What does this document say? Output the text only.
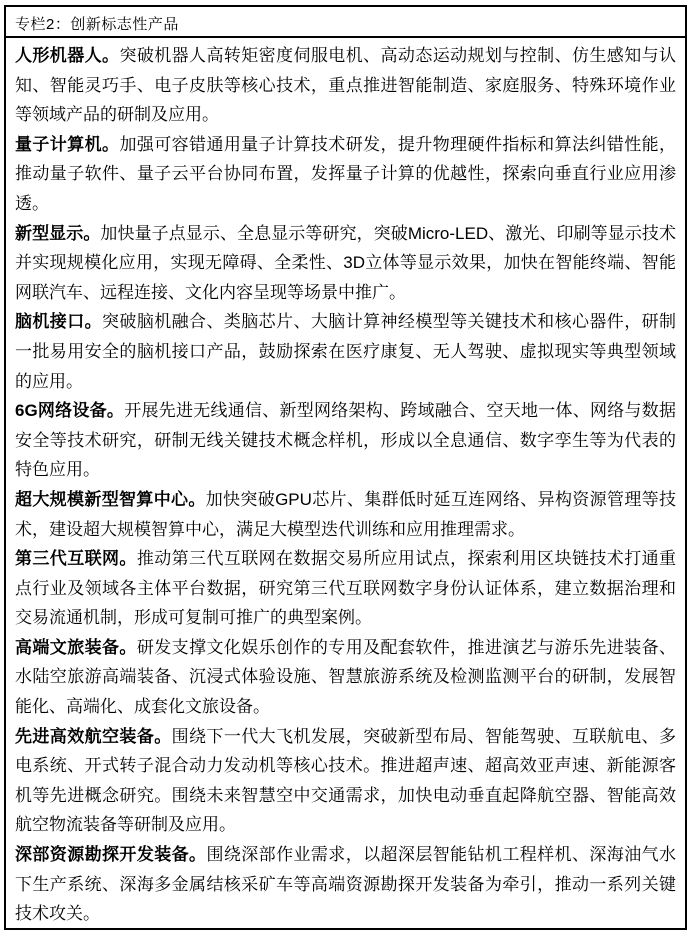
专栏2：创新标志性产品

人形机器人。突破机器人高转矩密度伺服电机、高动态运动规划与控制、仿生感知与认知、智能灵巧手、电子皮肤等核心技术，重点推进智能制造、家庭服务、特殊环境作业等领域产品的研制及应用。

量子计算机。加强可容错通用量子计算技术研发，提升物理硬件指标和算法纠错性能，推动量子软件、量子云平台协同布置，发挥量子计算的优越性，探索向垂直行业应用渗透。

新型显示。加快量子点显示、全息显示等研究，突破Micro-LED、激光、印刷等显示技术并实现规模化应用，实现无障碍、全柔性、3D立体等显示效果，加快在智能终端、智能网联汽车、远程连接、文化内容呈现等场景中推广。

脑机接口。突破脑机融合、类脑芯片、大脑计算神经模型等关键技术和核心器件，研制一批易用安全的脑机接口产品，鼓励探索在医疗康复、无人驾驶、虚拟现实等典型领域的应用。

6G网络设备。开展先进无线通信、新型网络架构、跨域融合、空天地一体、网络与数据安全等技术研究，研制无线关键技术概念样机，形成以全息通信、数字孪生等为代表的特色应用。

超大规模新型智算中心。加快突破GPU芯片、集群低时延互连网络、异构资源管理等技术，建设超大规模智算中心，满足大模型迭代训练和应用推理需求。

第三代互联网。推动第三代互联网在数据交易所应用试点，探索利用区块链技术打通重点行业及领域各主体平台数据，研究第三代互联网数字身份认证体系，建立数据治理和交易流通机制，形成可复制可推广的典型案例。

高端文旅装备。研发支撑文化娱乐创作的专用及配套软件，推进演艺与游乐先进装备、水陆空旅游高端装备、沉浸式体验设施、智慧旅游系统及检测监测平台的研制，发展智能化、高端化、成套化文旅设备。

先进高效航空装备。围绕下一代大飞机发展，突破新型布局、智能驾驶、互联航电、多电系统、开式转子混合动力发动机等核心技术。推进超声速、超高效亚声速、新能源客机等先进概念研究。围绕未来智慧空中交通需求，加快电动垂直起降航空器、智能高效航空物流装备等研制及应用。

深部资源勘探开发装备。围绕深部作业需求，以超深层智能钻机工程样机、深海油气水下生产系统、深海多金属结核采矿车等高端资源勘探开发装备为牵引，推动一系列关键技术攻关。
